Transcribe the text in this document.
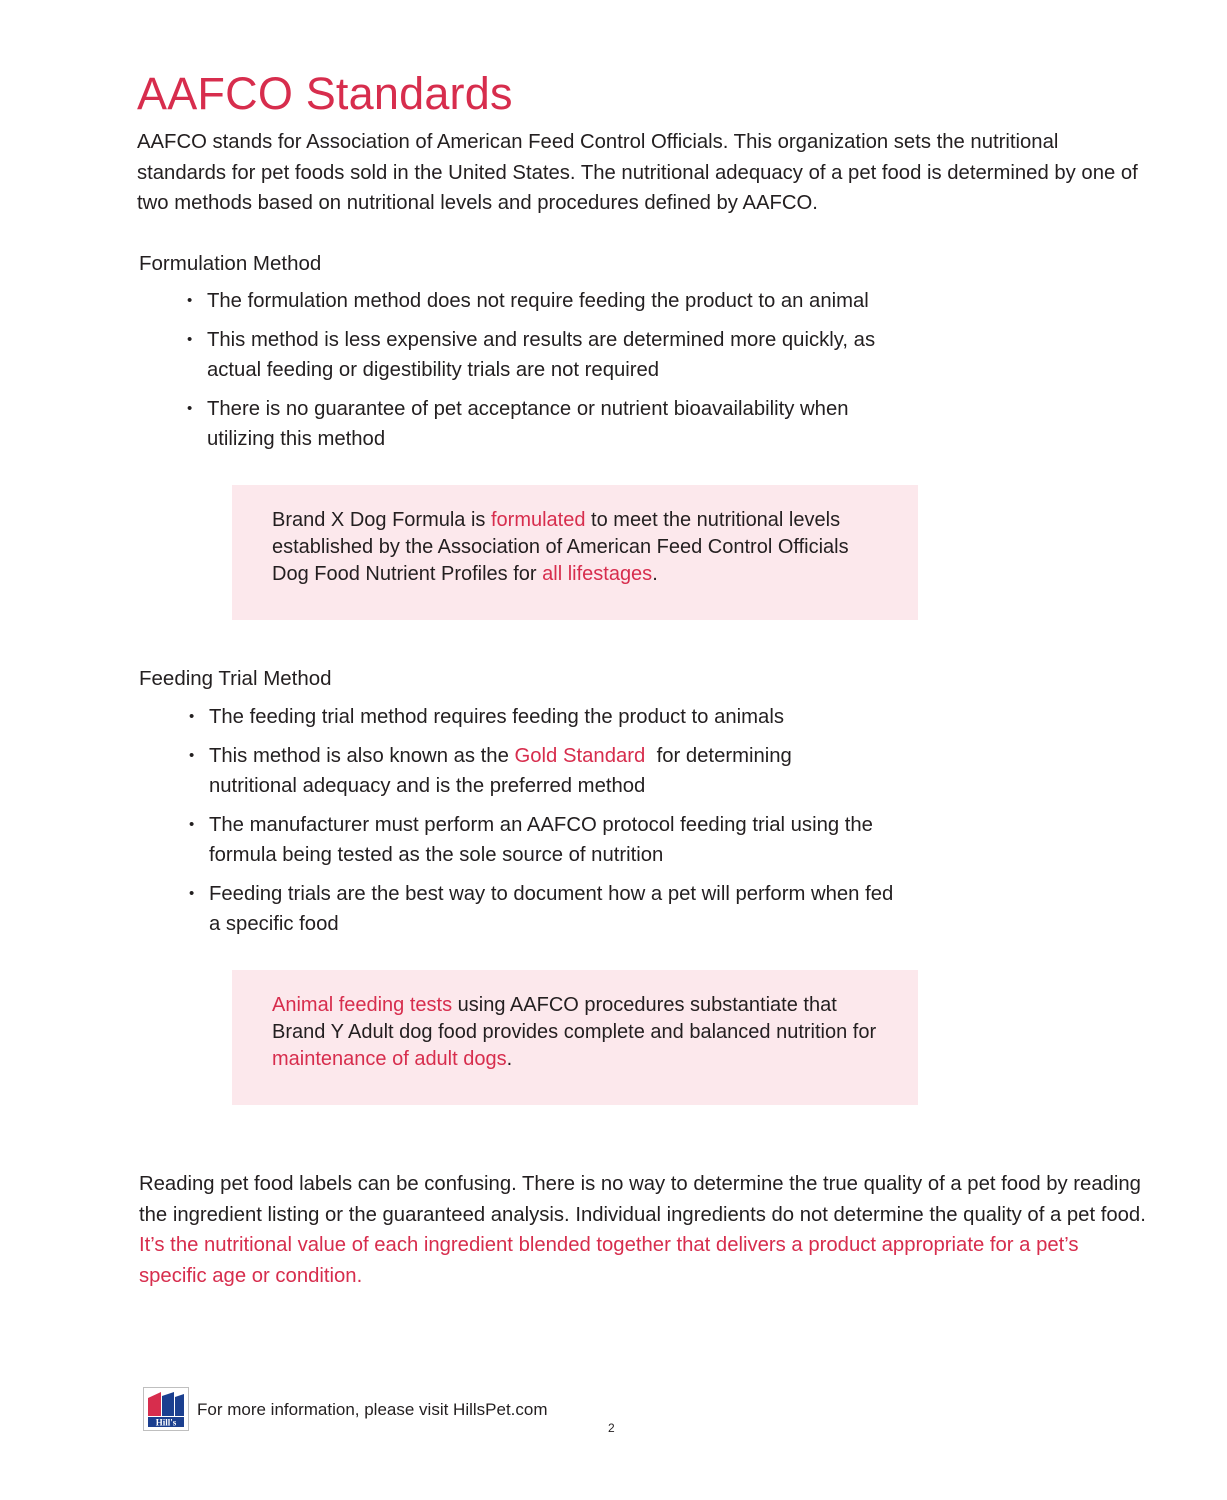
AAFCO Standards

AAFCO stands for Association of American Feed Control Officials. This organization sets the nutritional standards for pet foods sold in the United States. The nutritional adequacy of a pet food is determined by one of two methods based on nutritional levels and procedures defined by AAFCO.

Formulation Method

• The formulation method does not require feeding the product to an animal
• This method is less expensive and results are determined more quickly, as actual feeding or digestibility trials are not required
• There is no guarantee of pet acceptance or nutrient bioavailability when utilizing this method
Brand X Dog Formula is formulated to meet the nutritional levels established by the Association of American Feed Control Officials Dog Food Nutrient Profiles for all lifestages.

Feeding Trial Method

• The feeding trial method requires feeding the product to animals
• This method is also known as the Gold Standard  for determining nutritional adequacy and is the preferred method
• The manufacturer must perform an AAFCO protocol feeding trial using the formula being tested as the sole source of nutrition
• Feeding trials are the best way to document how a pet will perform when fed a specific food
Animal feeding tests using AAFCO procedures substantiate that Brand Y Adult dog food provides complete and balanced nutrition for maintenance of adult dogs.

Reading pet food labels can be confusing. There is no way to determine the true quality of a pet food by reading the ingredient listing or the guaranteed analysis. Individual ingredients do not determine the quality of a pet food.  It’s the nutritional value of each ingredient blended together that delivers a product appropriate for a pet’s specific age or condition.

Hill's

For more information, please visit HillsPet.com

2
